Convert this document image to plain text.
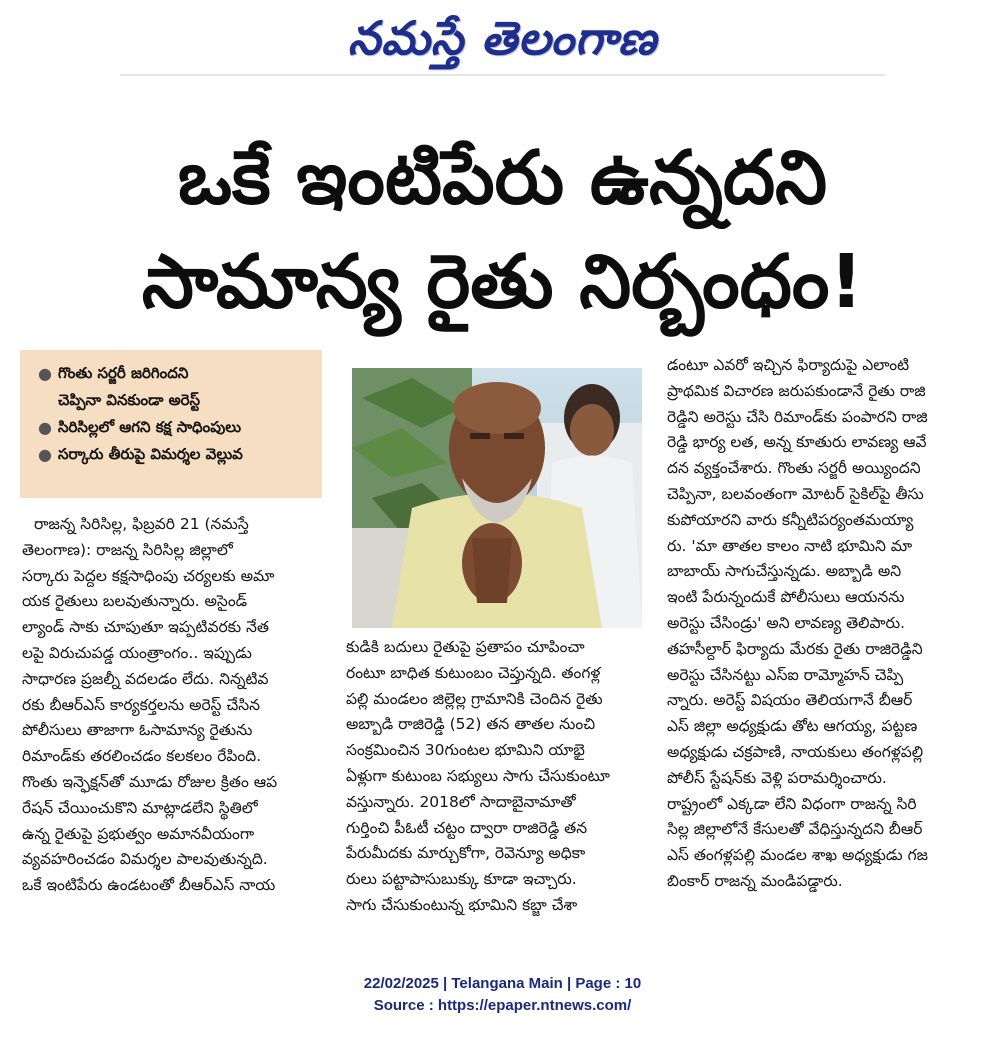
నమస్తే తెలంగాణ
ఒకే ఇంటిపేరు ఉన్నదని
సామాన్య రైతు నిర్బంధం!
● గొంతు సర్జరీ జరిగిందని
చెప్పినా వినకుండా అరెస్ట్
● సిరిసిల్లలో ఆగని కక్ష సాధింపులు
● సర్కారు తీరుపై విమర్శల వెల్లువ

రాజన్న సిరిసిల్ల, ఫిబ్రవరి 21 (నమస్తే

తెలంగాణ): రాజన్న సిరిసిల్ల జిల్లాలో

సర్కారు పెద్దల కక్షసాధింపు చర్యలకు అమా

యక రైతులు బలవుతున్నారు. అసైండ్

ల్యాండ్ సాకు చూపుతూ ఇప్పటివరకు నేత

లపై విరుచుపడ్డ యంత్రాంగం.. ఇప్పుడు

సాధారణ ప్రజల్నీ వదలడం లేదు. నిన్నటివ

రకు బీఆర్ఎస్ కార్యకర్తలను అరెస్ట్ చేసిన

పోలీసులు తాజాగా ఓసామాన్య రైతును

రిమాండ్‌కు తరలించడం కలకలం రేపింది.

గొంతు ఇన్ఫెక్షన్‌తో మూడు రోజుల క్రితం ఆప

రేషన్ చేయించుకొని మాట్లాడలేని స్థితిలో

ఉన్న రైతుపై ప్రభుత్వం అమానవీయంగా

వ్యవహరించడం విమర్శల పాలవుతున్నది.

ఒకే ఇంటిపేరు ఉండటంతో బీఆర్ఎస్ నాయ

కుడికి బదులు రైతుపై ప్రతాపం చూపించా

రంటూ బాధిత కుటుంబం చెప్తున్నది. తంగళ్ల

పల్లి మండలం జిల్లెల్ల గ్రామానికి చెందిన రైతు

అబ్బాడి రాజిరెడ్డి (52) తన తాతల నుంచి

సంక్రమించిన 30గుంటల భూమిని యాభై

ఏళ్లుగా కుటుంబ సభ్యులు సాగు చేసుకుంటూ

వస్తున్నారు. 2018లో సాదాబైనామాతో

గుర్తించి పీఓటీ చట్టం ద్వారా రాజిరెడ్డి తన

పేరుమీదకు మార్చుకోగా, రెవెన్యూ అధికా

రులు పట్టాపాసుబుక్కు కూడా ఇచ్చారు.

సాగు చేసుకుంటున్న భూమిని కబ్జా చేశా

డంటూ ఎవరో ఇచ్చిన ఫిర్యాదుపై ఎలాంటి

ప్రాథమిక విచారణ జరుపకుండానే రైతు రాజి

రెడ్డిని అరెస్టు చేసి రిమాండ్‌కు పంపారని రాజి

రెడ్డి భార్య లత, అన్న కూతురు లావణ్య ఆవే

దన వ్యక్తంచేశారు. గొంతు సర్జరీ అయ్యిందని

చెప్పినా, బలవంతంగా మోటర్ సైకిల్‌పై తీసు

కుపోయారని వారు కన్నీటిపర్యంతమయ్యా

రు. 'మా తాతల కాలం నాటి భూమిని మా

బాబాయ్ సాగుచేస్తున్నడు. అబ్బాడి అని

ఇంటి పేరున్నందుకే పోలీసులు ఆయనను

అరెస్టు చేసిండ్రు' అని లావణ్య తెలిపారు.

తహసీల్దార్ ఫిర్యాదు మేరకు రైతు రాజిరెడ్డిని

అరెస్టు చేసినట్టు ఎస్ఐ రామ్మోహన్ చెప్పి

న్నారు. అరెస్ట్ విషయం తెలియగానే బీఆర్

ఎస్ జిల్లా అధ్యక్షుడు తోట ఆగయ్య, పట్టణ

అధ్యక్షుడు చక్రపాణి, నాయకులు తంగళ్లపల్లి

పోలీస్ స్టేషన్‌కు వెళ్లి పరామర్శించారు.

రాష్ట్రంలో ఎక్కడా లేని విధంగా రాజన్న సిరి

సిల్ల జిల్లాలోనే కేసులతో వేధిస్తున్నదని బీఆర్

ఎస్ తంగళ్లపల్లి మండల శాఖ అధ్యక్షుడు గజ

బింకార్ రాజన్న మండిపడ్డారు.

22/02/2025 | Telangana Main | Page : 10
Source : https://epaper.ntnews.com/
